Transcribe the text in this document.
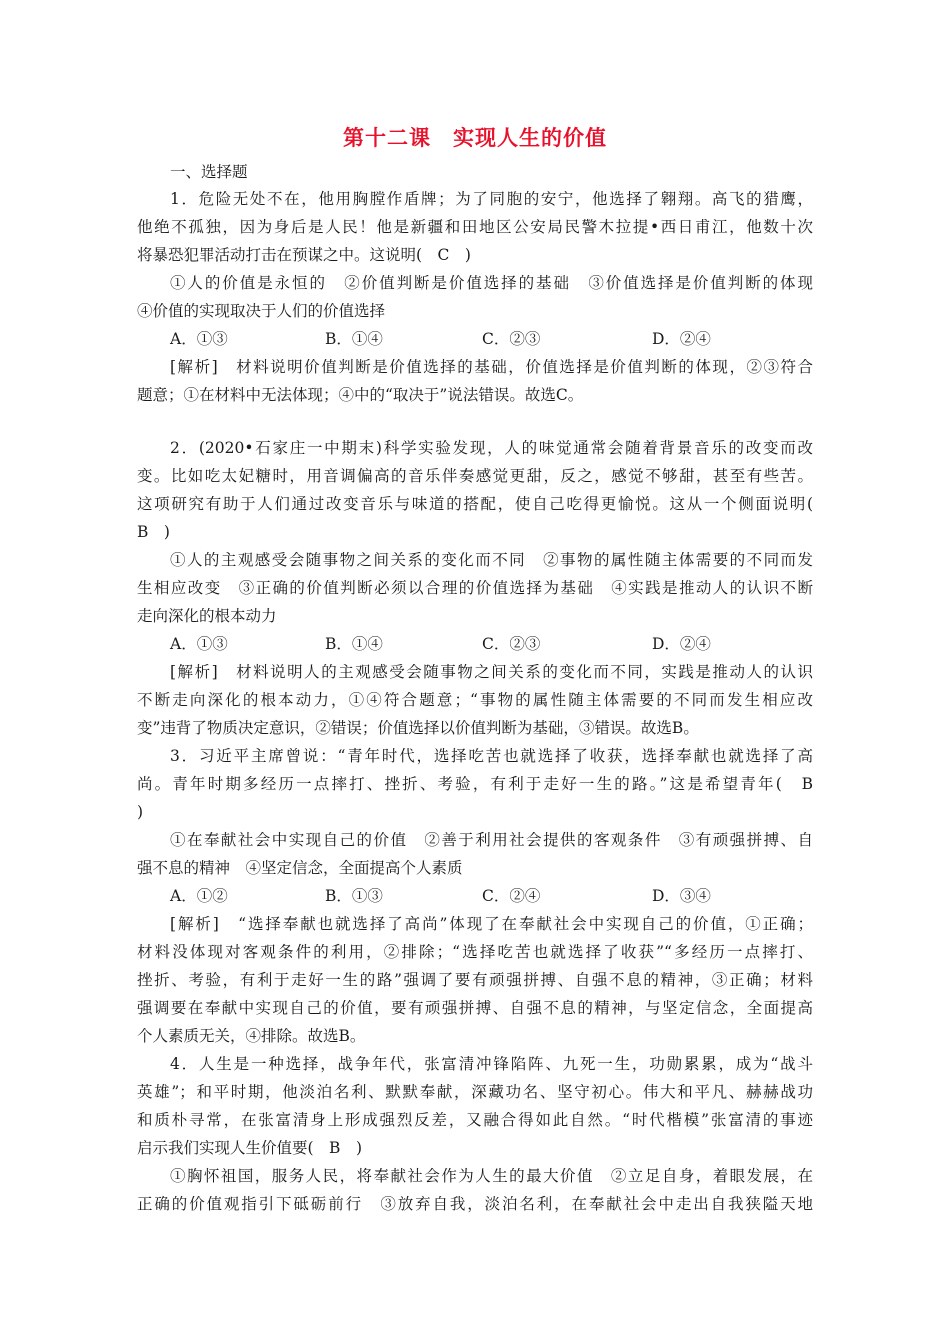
第十二课　实现人生的价值
一、选择题
1．危险无处不在，他用胸膛作盾牌；为了同胞的安宁，他选择了翱翔。高飞的猎鹰，
他绝不孤独，因为身后是人民！他是新疆和田地区公安局民警木拉提•西日甫江，他数十次
将暴恐犯罪活动打击在预谋之中。这说明(　C　)
①人的价值是永恒的　②价值判断是价值选择的基础　③价值选择是价值判断的体现
④价值的实现取决于人们的价值选择
A．①③	B．①④	C．②③	D．②④
[解析]　材料说明价值判断是价值选择的基础，价值选择是价值判断的体现，②③符合
题意；①在材料中无法体现；④中的“取决于”说法错误。故选C。
2．(2020•石家庄一中期末)科学实验发现，人的味觉通常会随着背景音乐的改变而改
变。比如吃太妃糖时，用音调偏高的音乐伴奏感觉更甜，反之，感觉不够甜，甚至有些苦。
这项研究有助于人们通过改变音乐与味道的搭配，使自己吃得更愉悦。这从一个侧面说明(
B　)
①人的主观感受会随事物之间关系的变化而不同　②事物的属性随主体需要的不同而发
生相应改变　③正确的价值判断必须以合理的价值选择为基础　④实践是推动人的认识不断
走向深化的根本动力
A．①③	B．①④	C．②③	D．②④
[解析]　材料说明人的主观感受会随事物之间关系的变化而不同，实践是推动人的认识
不断走向深化的根本动力，①④符合题意；“事物的属性随主体需要的不同而发生相应改
变”违背了物质决定意识，②错误；价值选择以价值判断为基础，③错误。故选B。
3．习近平主席曾说：“青年时代，选择吃苦也就选择了收获，选择奉献也就选择了高
尚。青年时期多经历一点摔打、挫折、考验，有利于走好一生的路。”这是希望青年(　B
)
①在奉献社会中实现自己的价值　②善于利用社会提供的客观条件　③有顽强拼搏、自
强不息的精神　④坚定信念，全面提高个人素质
A．①②	B．①③	C．②④	D．③④
[解析]　“选择奉献也就选择了高尚”体现了在奉献社会中实现自己的价值，①正确；
材料没体现对客观条件的利用，②排除；“选择吃苦也就选择了收获”“多经历一点摔打、
挫折、考验，有利于走好一生的路”强调了要有顽强拼搏、自强不息的精神，③正确；材料
强调要在奉献中实现自己的价值，要有顽强拼搏、自强不息的精神，与坚定信念，全面提高
个人素质无关，④排除。故选B。
4．人生是一种选择，战争年代，张富清冲锋陷阵、九死一生，功勋累累，成为“战斗
英雄”；和平时期，他淡泊名利、默默奉献，深藏功名、坚守初心。伟大和平凡、赫赫战功
和质朴寻常，在张富清身上形成强烈反差，又融合得如此自然。“时代楷模”张富清的事迹
启示我们实现人生价值要(　B　)
①胸怀祖国，服务人民，将奉献社会作为人生的最大价值　②立足自身，着眼发展，在
正确的价值观指引下砥砺前行　③放弃自我，淡泊名利，在奉献社会中走出自我狭隘天地
